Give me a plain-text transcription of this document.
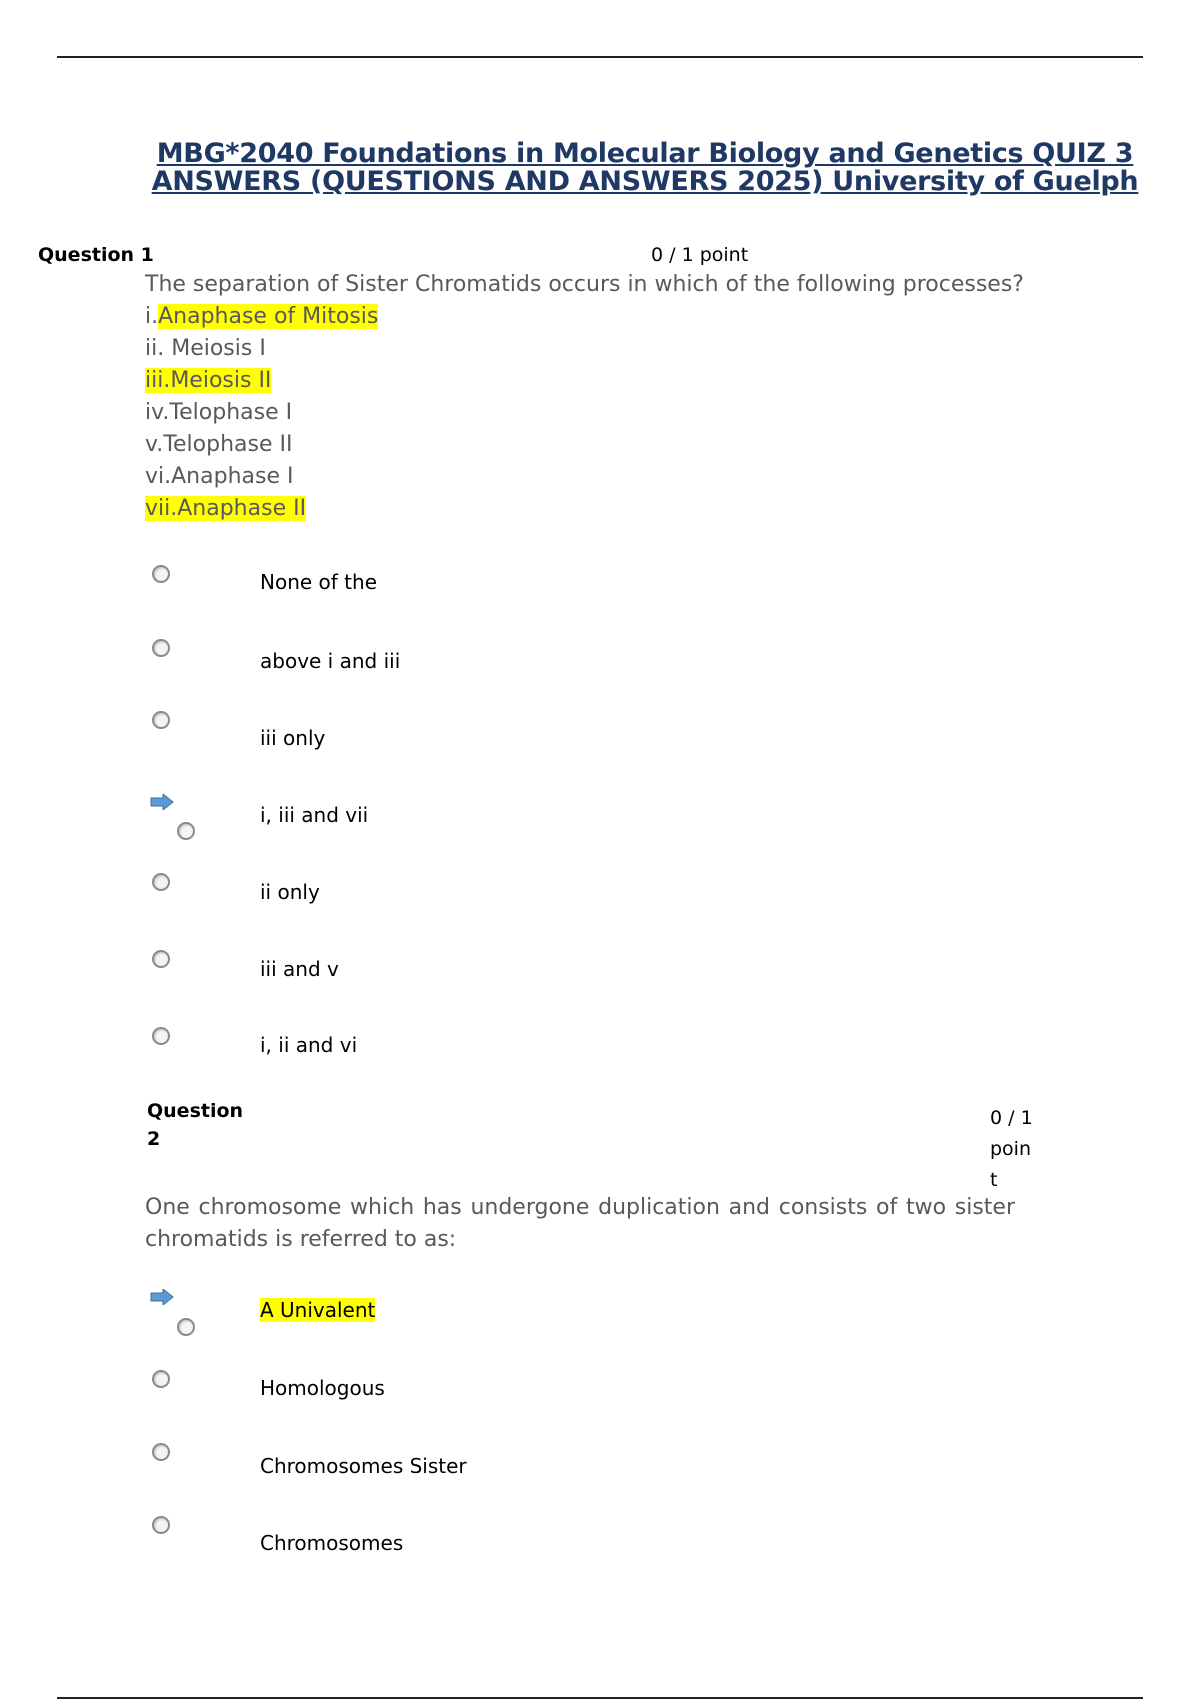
MBG*2040 Foundations in Molecular Biology and Genetics QUIZ 3 ANSWERS (QUESTIONS AND ANSWERS 2025) University of Guelph
Question 1	0 / 1 point
The separation of Sister Chromatids occurs in which of the following processes?
i.Anaphase of Mitosis
ii. Meiosis I
iii.Meiosis II
iv.Telophase I
v.Telophase II
vi.Anaphase I
vii.Anaphase II
None of the
above i and iii
iii only
i, iii and vii
ii only
iii and v
i, ii and vi
Question
2
0 / 1
poin
t
One chromosome which has undergone duplication and consists of two sister chromatids is referred to as:
A Univalent
Homologous
Chromosomes Sister
Chromosomes
